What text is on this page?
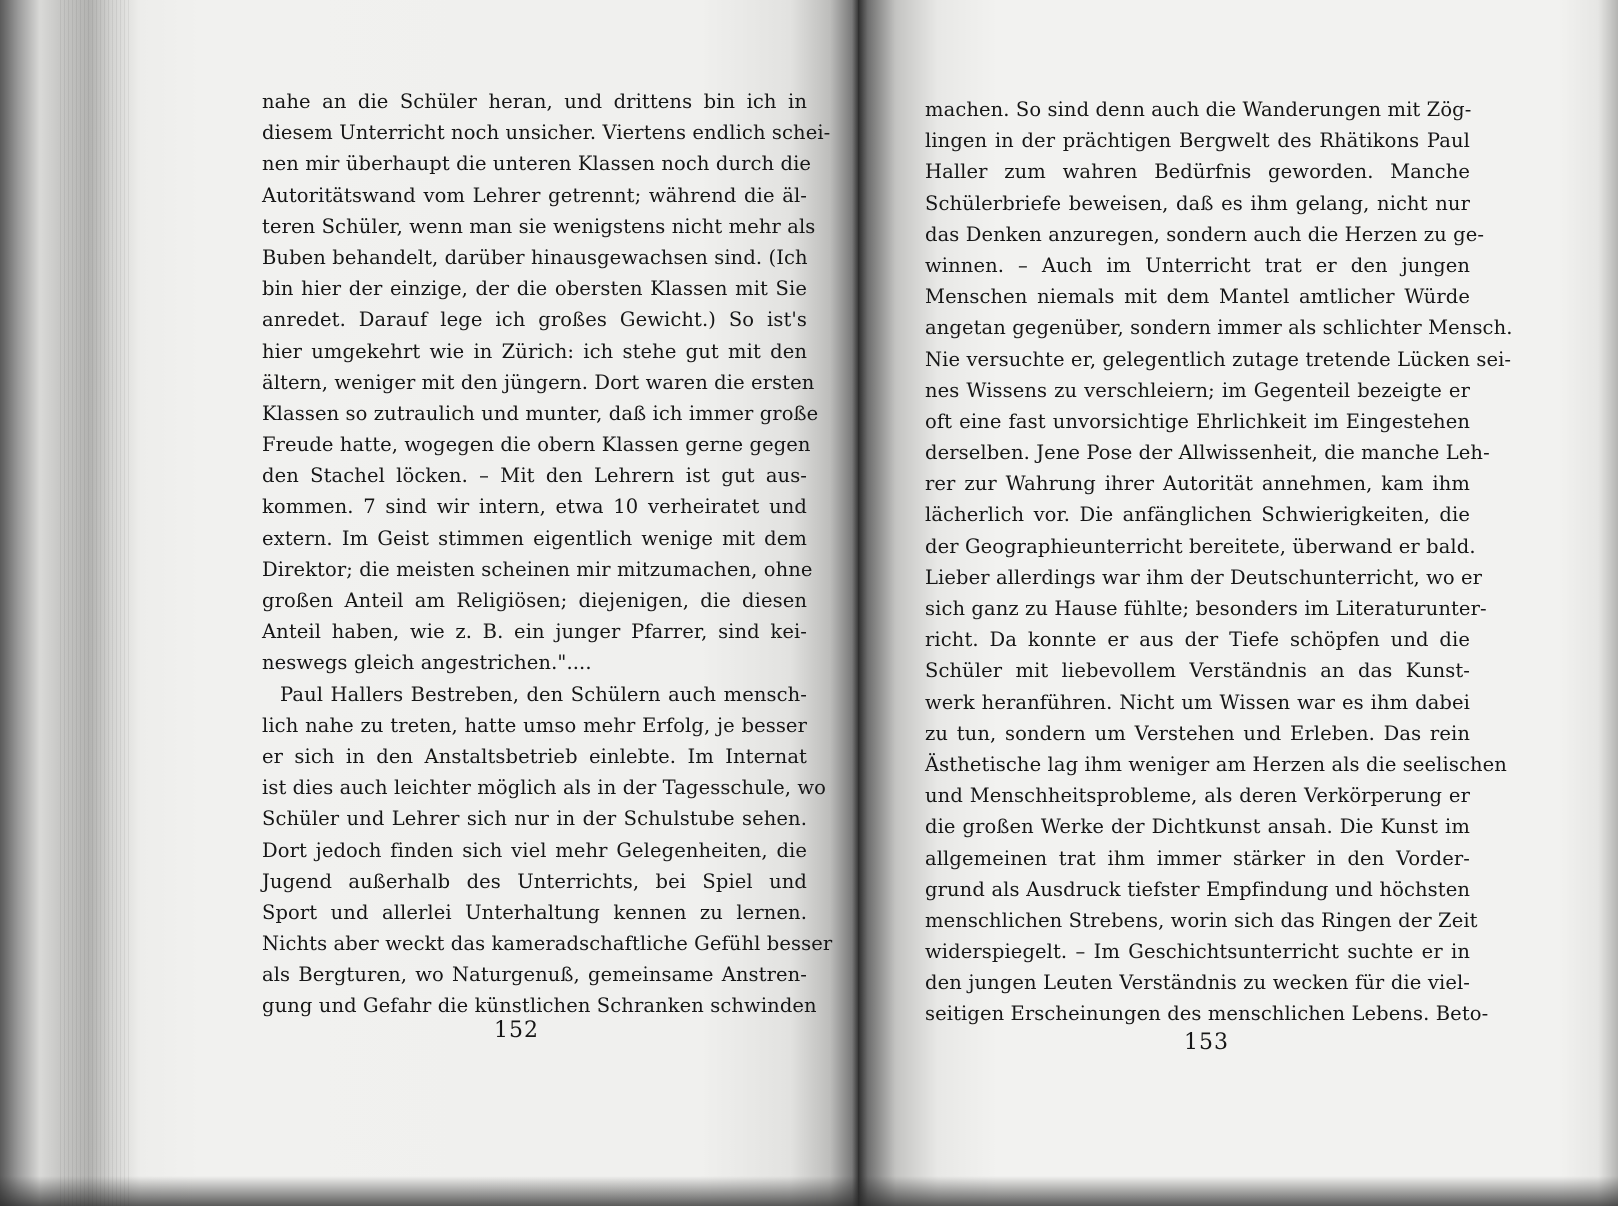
nahe an die Schüler heran, und drittens bin ich in
diesem Unterricht noch unsicher. Viertens endlich schei-
nen mir überhaupt die unteren Klassen noch durch die
Autoritätswand vom Lehrer getrennt; während die äl-
teren Schüler, wenn man sie wenigstens nicht mehr als
Buben behandelt, darüber hinausgewachsen sind. (Ich
bin hier der einzige, der die obersten Klassen mit Sie
anredet. Darauf lege ich großes Gewicht.) So ist's
hier umgekehrt wie in Zürich: ich stehe gut mit den
ältern, weniger mit den jüngern. Dort waren die ersten
Klassen so zutraulich und munter, daß ich immer große
Freude hatte, wogegen die obern Klassen gerne gegen
den Stachel löcken. – Mit den Lehrern ist gut aus-
kommen. 7 sind wir intern, etwa 10 verheiratet und
extern. Im Geist stimmen eigentlich wenige mit dem
Direktor; die meisten scheinen mir mitzumachen, ohne
großen Anteil am Religiösen; diejenigen, die diesen
Anteil haben, wie z. B. ein junger Pfarrer, sind kei-
neswegs gleich angestrichen."....
Paul Hallers Bestreben, den Schülern auch mensch-
lich nahe zu treten, hatte umso mehr Erfolg, je besser
er sich in den Anstaltsbetrieb einlebte. Im Internat
ist dies auch leichter möglich als in der Tagesschule, wo
Schüler und Lehrer sich nur in der Schulstube sehen.
Dort jedoch finden sich viel mehr Gelegenheiten, die
Jugend außerhalb des Unterrichts, bei Spiel und
Sport und allerlei Unterhaltung kennen zu lernen.
Nichts aber weckt das kameradschaftliche Gefühl besser
als Bergturen, wo Naturgenuß, gemeinsame Anstren-
gung und Gefahr die künstlichen Schranken schwinden
152
machen. So sind denn auch die Wanderungen mit Zög-
lingen in der prächtigen Bergwelt des Rhätikons Paul
Haller zum wahren Bedürfnis geworden. Manche
Schülerbriefe beweisen, daß es ihm gelang, nicht nur
das Denken anzuregen, sondern auch die Herzen zu ge-
winnen. – Auch im Unterricht trat er den jungen
Menschen niemals mit dem Mantel amtlicher Würde
angetan gegenüber, sondern immer als schlichter Mensch.
Nie versuchte er, gelegentlich zutage tretende Lücken sei-
nes Wissens zu verschleiern; im Gegenteil bezeigte er
oft eine fast unvorsichtige Ehrlichkeit im Eingestehen
derselben. Jene Pose der Allwissenheit, die manche Leh-
rer zur Wahrung ihrer Autorität annehmen, kam ihm
lächerlich vor. Die anfänglichen Schwierigkeiten, die
der Geographieunterricht bereitete, überwand er bald.
Lieber allerdings war ihm der Deutschunterricht, wo er
sich ganz zu Hause fühlte; besonders im Literaturunter-
richt. Da konnte er aus der Tiefe schöpfen und die
Schüler mit liebevollem Verständnis an das Kunst-
werk heranführen. Nicht um Wissen war es ihm dabei
zu tun, sondern um Verstehen und Erleben. Das rein
Ästhetische lag ihm weniger am Herzen als die seelischen
und Menschheitsprobleme, als deren Verkörperung er
die großen Werke der Dichtkunst ansah. Die Kunst im
allgemeinen trat ihm immer stärker in den Vorder-
grund als Ausdruck tiefster Empfindung und höchsten
menschlichen Strebens, worin sich das Ringen der Zeit
widerspiegelt. – Im Geschichtsunterricht suchte er in
den jungen Leuten Verständnis zu wecken für die viel-
seitigen Erscheinungen des menschlichen Lebens. Beto-
153
